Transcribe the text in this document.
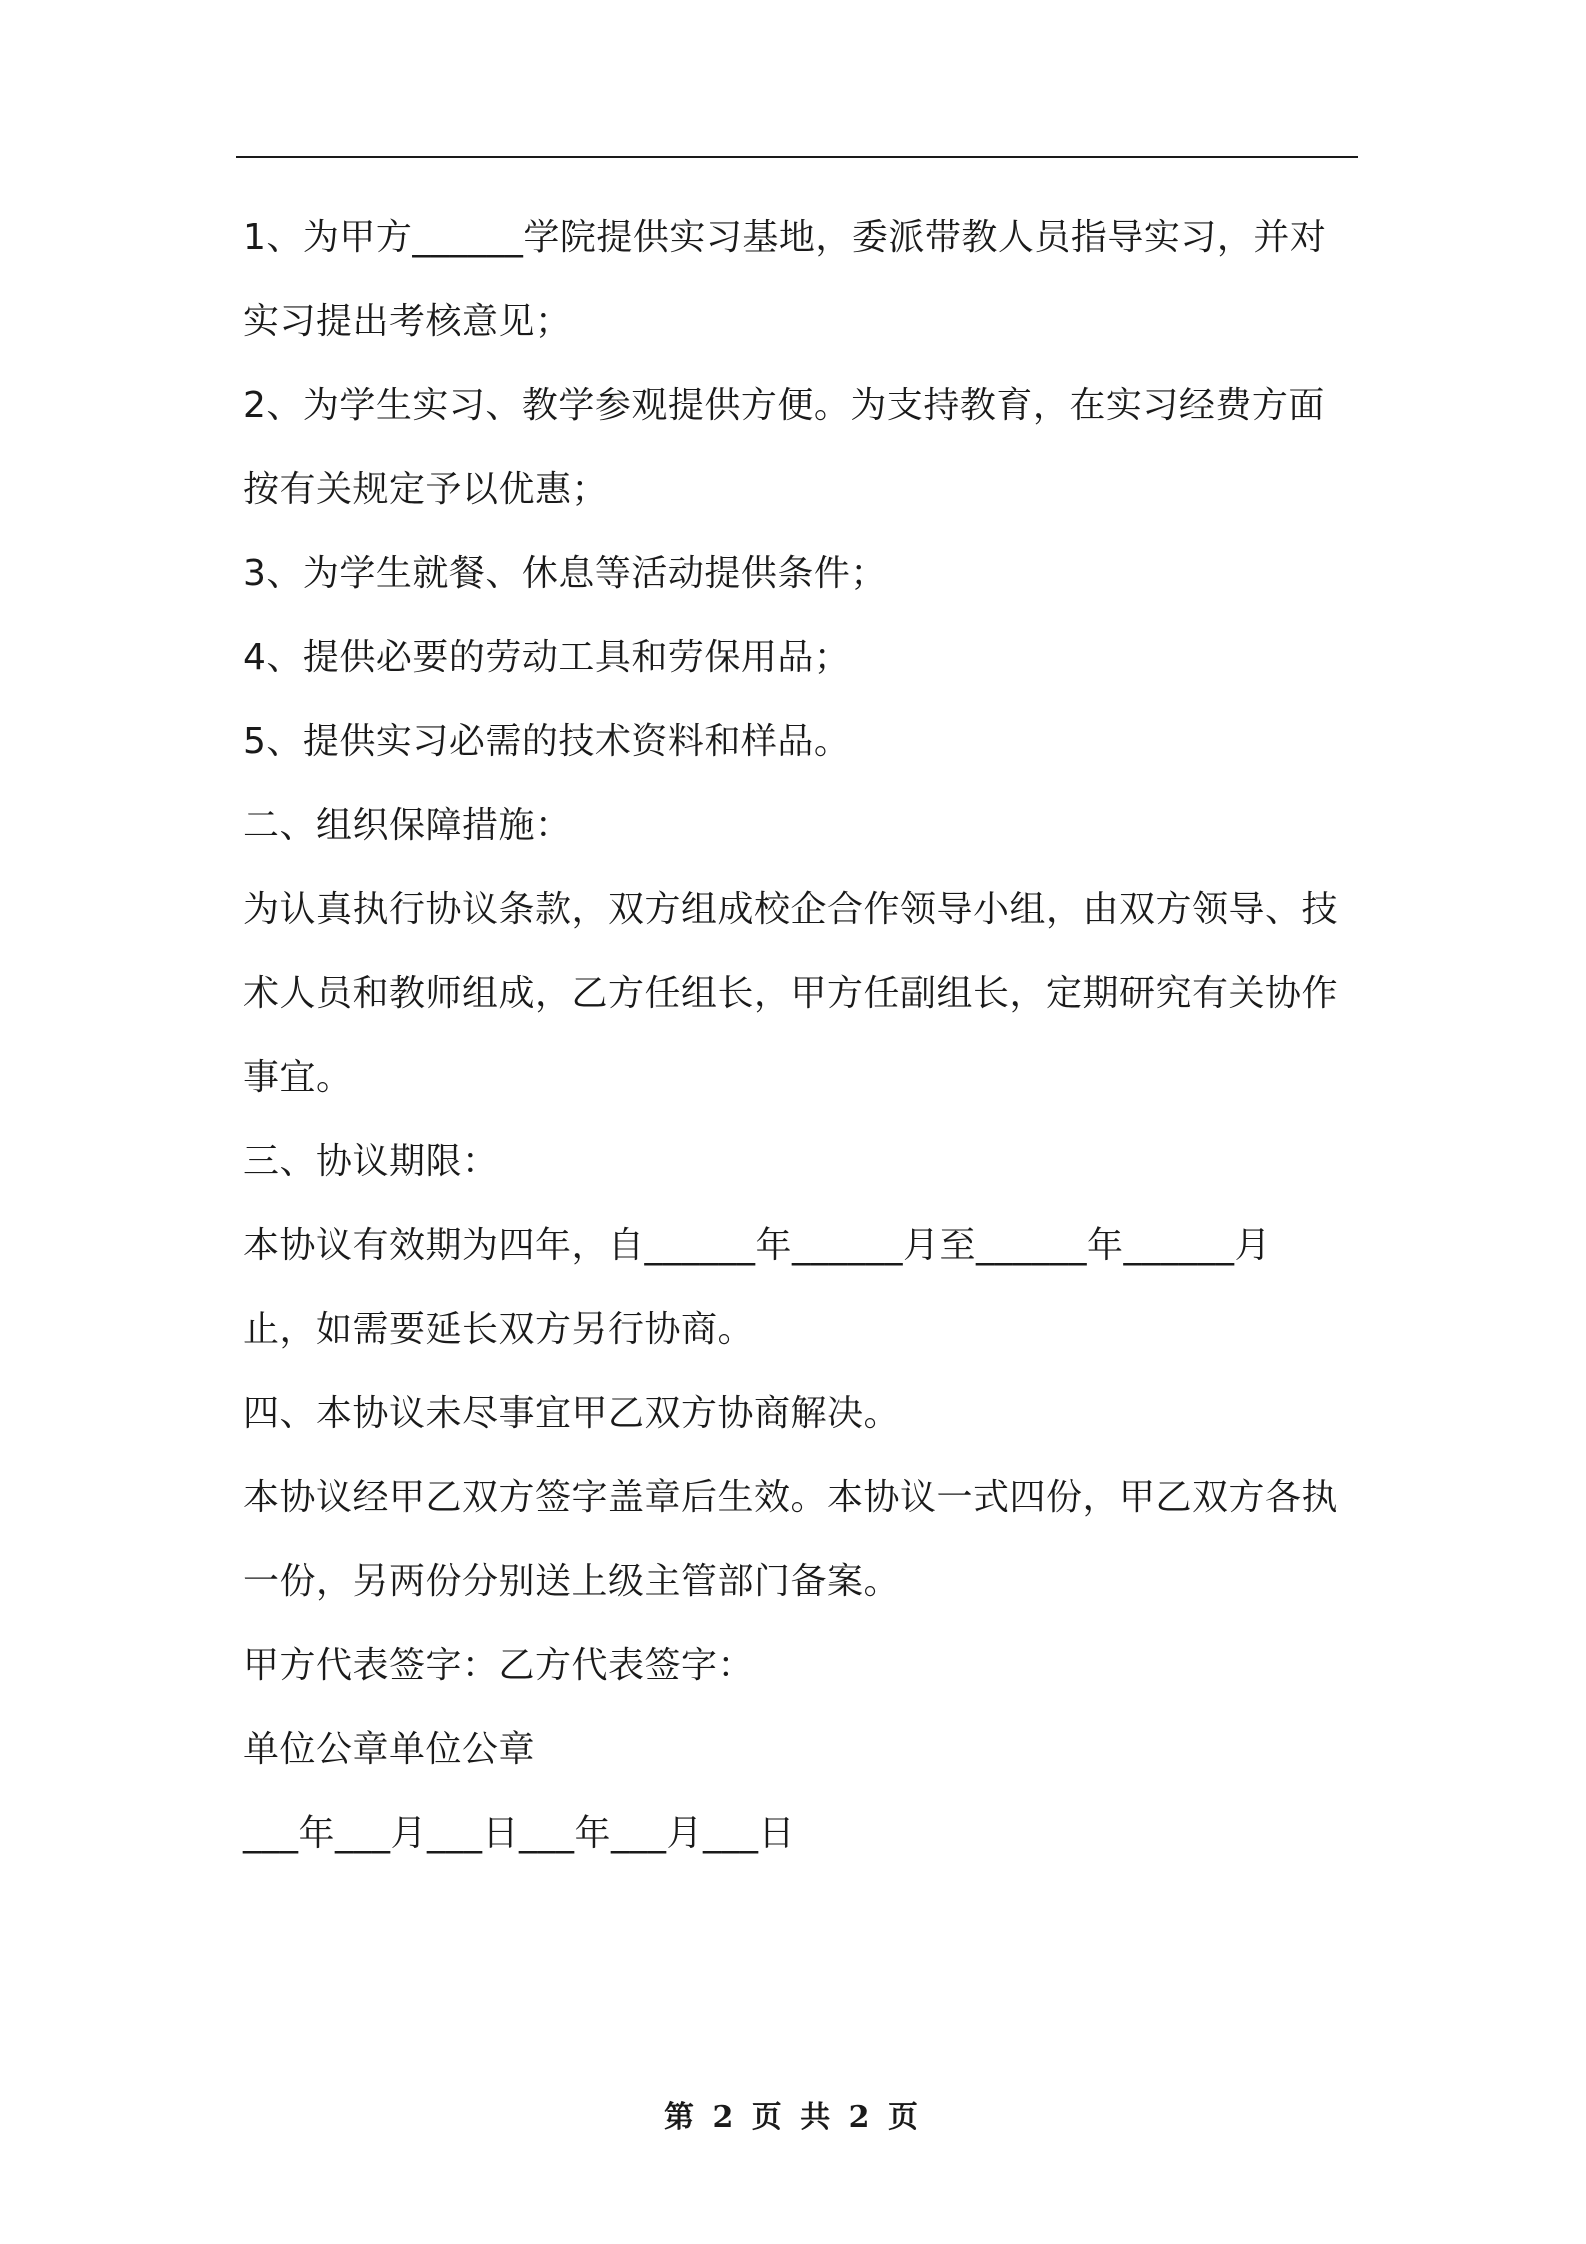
1、为甲方______学院提供实习基地，委派带教人员指导实习，并对
实习提出考核意见；
2、为学生实习、教学参观提供方便。为支持教育，在实习经费方面
按有关规定予以优惠；
3、为学生就餐、休息等活动提供条件；
4、提供必要的劳动工具和劳保用品；
5、提供实习必需的技术资料和样品。
二、组织保障措施：
为认真执行协议条款，双方组成校企合作领导小组，由双方领导、技
术人员和教师组成，乙方任组长，甲方任副组长，定期研究有关协作
事宜。
三、协议期限：
本协议有效期为四年，自______年______月至______年______月
止，如需要延长双方另行协商。
四、本协议未尽事宜甲乙双方协商解决。
本协议经甲乙双方签字盖章后生效。本协议一式四份，甲乙双方各执
一份，另两份分别送上级主管部门备案。
甲方代表签字：乙方代表签字：
单位公章单位公章
___年___月___日___年___月___日
第 2 页 共 2 页
